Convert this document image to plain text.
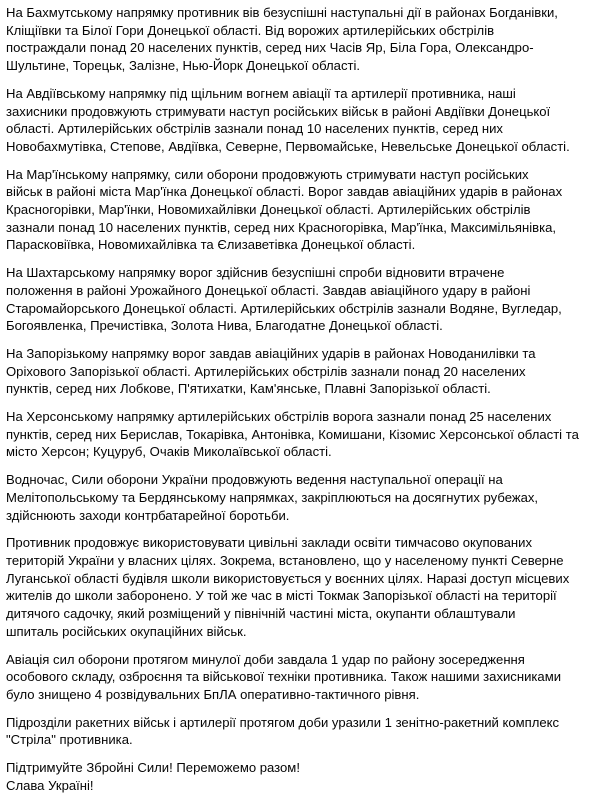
На Бахмутському напрямку противник вів безуспішні наступальні дії в районах Богданівки,
Кліщіївки та Білої Гори Донецької області. Від ворожих артилерійських обстрілів
постраждали понад 20 населених пунктів, серед них Часів Яр, Біла Гора, Олександро-
Шультине, Торецьк, Залізне, Нью-Йорк Донецької області.

На Авдіївському напрямку під щільним вогнем авіації та артилерії противника, наші
захисники продовжують стримувати наступ російських військ в районі Авдіївки Донецької
області. Артилерійських обстрілів зазнали понад 10 населених пунктів, серед них
Новобахмутівка, Степове, Авдіївка, Северне, Первомайське, Невельське Донецької області.

На Мар'їнському напрямку, сили оборони продовжують стримувати наступ російських
військ в районі міста Мар'їнка Донецької області. Ворог завдав авіаційних ударів в районах
Красногорівки, Мар'їнки, Новомихайлівки Донецької області. Артилерійських обстрілів
зазнали понад 10 населених пунктів, серед них Красногорівка, Мар'їнка, Максимільянівка,
Парасковіївка, Новомихайлівка та Єлизаветівка Донецької області.

На Шахтарському напрямку ворог здійснив безуспішні спроби відновити втрачене
положення в районі Урожайного Донецької області. Завдав авіаційного удару в районі
Старомайорського Донецької області. Артилерійських обстрілів зазнали Водяне, Вугледар,
Богоявленка, Пречистівка, Золота Нива, Благодатне Донецької області.

На Запорізькому напрямку ворог завдав авіаційних ударів в районах Новоданилівки та
Оріхового Запорізької області. Артилерійських обстрілів зазнали понад 20 населених
пунктів, серед них Лобкове, П'ятихатки, Кам'янське, Плавні Запорізької області.

На Херсонському напрямку артилерійських обстрілів ворога зазнали понад 25 населених
пунктів, серед них Берислав, Токарівка, Антонівка, Комишани, Кізомис Херсонської області та
місто Херсон; Куцуруб, Очаків Миколаївської області.

Водночас, Сили оборони України продовжують ведення наступальної операції на
Мелітопольському та Бердянському напрямках, закріплюються на досягнутих рубежах,
здійснюють заходи контрбатарейної боротьби.

Противник продовжує використовувати цивільні заклади освіти тимчасово окупованих
територій України у власних цілях. Зокрема, встановлено, що у населеному пункті Северне
Луганської області будівля школи використовується у воєнних цілях. Наразі доступ місцевих
жителів до школи заборонено. У той же час в місті Токмак Запорізької області на території
дитячого садочку, який розміщений у північній частині міста, окупанти облаштували
шпиталь російських окупаційних військ.

Авіація сил оборони протягом минулої доби завдала 1 удар по району зосередження
особового складу, озброєння та військової техніки противника. Також нашими захисниками
було знищено 4 розвідувальних БпЛА оперативно-тактичного рівня.

Підрозділи ракетних військ і артилерії протягом доби уразили 1 зенітно-ракетний комплекс
"Стріла" противника.

Підтримуйте Збройні Сили! Переможемо разом!

Слава Україні!
